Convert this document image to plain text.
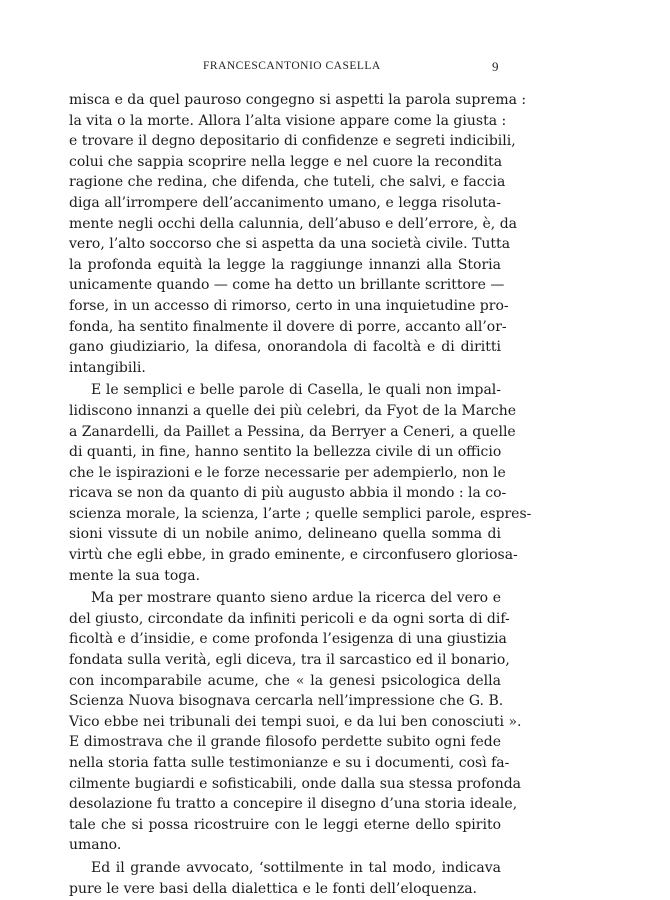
FRANCESCANTONIO CASELLA	9
misca e da quel pauroso congegno si aspetti la parola suprema :
la vita o la morte. Allora l’alta visione appare come la giusta :
e trovare il degno depositario di confidenze e segreti indicibili,
colui che sappia scoprire nella legge e nel cuore la recondita
ragione che redina, che difenda, che tuteli, che salvi, e faccia
diga all’irrompere dell’accanimento umano, e legga risoluta-
mente negli occhi della calunnia, dell’abuso e dell’errore, è, da
vero, l’alto soccorso che si aspetta da una società civile. Tutta
la profonda equità la legge la raggiunge innanzi alla Storia
unicamente quando — come ha detto un brillante scrittore —
forse, in un accesso di rimorso, certo in una inquietudine pro-
fonda, ha sentito finalmente il dovere di porre, accanto all’or-
gano giudiziario, la difesa, onorandola di facoltà e di diritti
intangibili.
E le semplici e belle parole di Casella, le quali non impal-
lidiscono innanzi a quelle dei più celebri, da Fyot de la Marche
a Zanardelli, da Paillet a Pessina, da Berryer a Ceneri, a quelle
di quanti, in fine, hanno sentito la bellezza civile di un officio
che le ispirazioni e le forze necessarie per adempierlo, non le
ricava se non da quanto di più augusto abbia il mondo : la co-
scienza morale, la scienza, l’arte ; quelle semplici parole, espres-
sioni vissute di un nobile animo, delineano quella somma di
virtù che egli ebbe, in grado eminente, e circonfusero gloriosa-
mente la sua toga.
Ma per mostrare quanto sieno ardue la ricerca del vero e
del giusto, circondate da infiniti pericoli e da ogni sorta di dif-
ficoltà e d’insidie, e come profonda l’esigenza di una giustizia
fondata sulla verità, egli diceva, tra il sarcastico ed il bonario,
con incomparabile acume, che « la genesi psicologica della
Scienza Nuova bisognava cercarla nell’impressione che G. B.
Vico ebbe nei tribunali dei tempi suoi, e da lui ben conosciuti ».
E dimostrava che il grande filosofo perdette subito ogni fede
nella storia fatta sulle testimonianze e su i documenti, così fa-
cilmente bugiardi e sofisticabili, onde dalla sua stessa profonda
desolazione fu tratto a concepire il disegno d’una storia ideale,
tale che si possa ricostruire con le leggi eterne dello spirito
umano.
Ed il grande avvocato, ‘sottilmente in tal modo, indicava
pure le vere basi della dialettica e le fonti dell’eloquenza.
